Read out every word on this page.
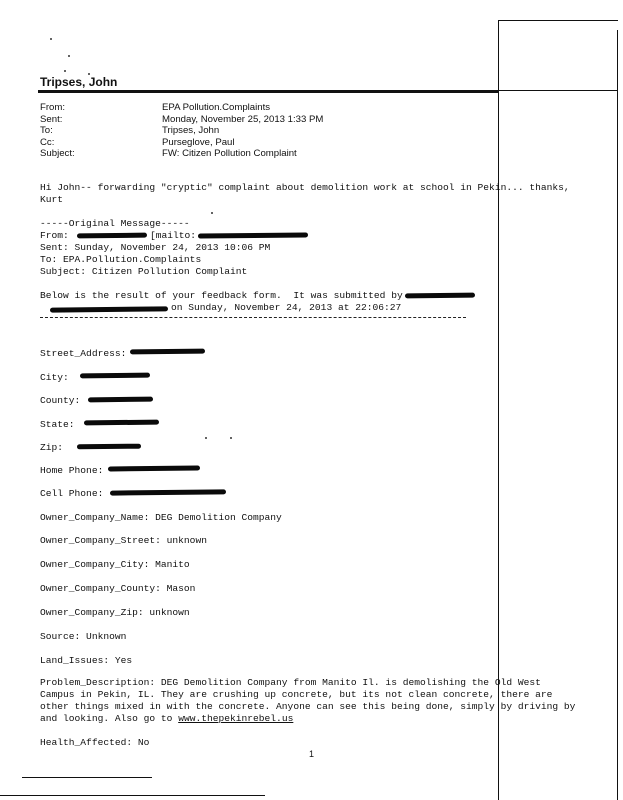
Tripses, John
From:	EPA Pollution.Complaints
Sent:	Monday, November 25, 2013 1:33 PM
To:	Tripses, John
Cc:	Purseglove, Paul
Subject:	FW: Citizen Pollution Complaint
Hi John-- forwarding "cryptic" complaint about demolition work at school in Pekin... thanks,
Kurt
-----Original Message-----
From:	[mailto:
Sent: Sunday, November 24, 2013 10:06 PM
To: EPA.Pollution.Complaints
Subject: Citizen Pollution Complaint
Below is the result of your feedback form.  It was submitted by
on Sunday, November 24, 2013 at 22:06:27
Street_Address:
City:
County:
State:
Zip:
Home Phone:
Cell Phone:
Owner_Company_Name: DEG Demolition Company
Owner_Company_Street: unknown
Owner_Company_City: Manito
Owner_Company_County: Mason
Owner_Company_Zip: unknown
Source: Unknown
Land_Issues: Yes
Problem_Description: DEG Demolition Company from Manito Il. is demolishing the Old West
Campus in Pekin, IL. They are crushing up concrete, but its not clean concrete, there are
other things mixed in with the concrete. Anyone can see this being done, simply by driving by
and looking. Also go to www.thepekinrebel.us
Health_Affected: No
1
